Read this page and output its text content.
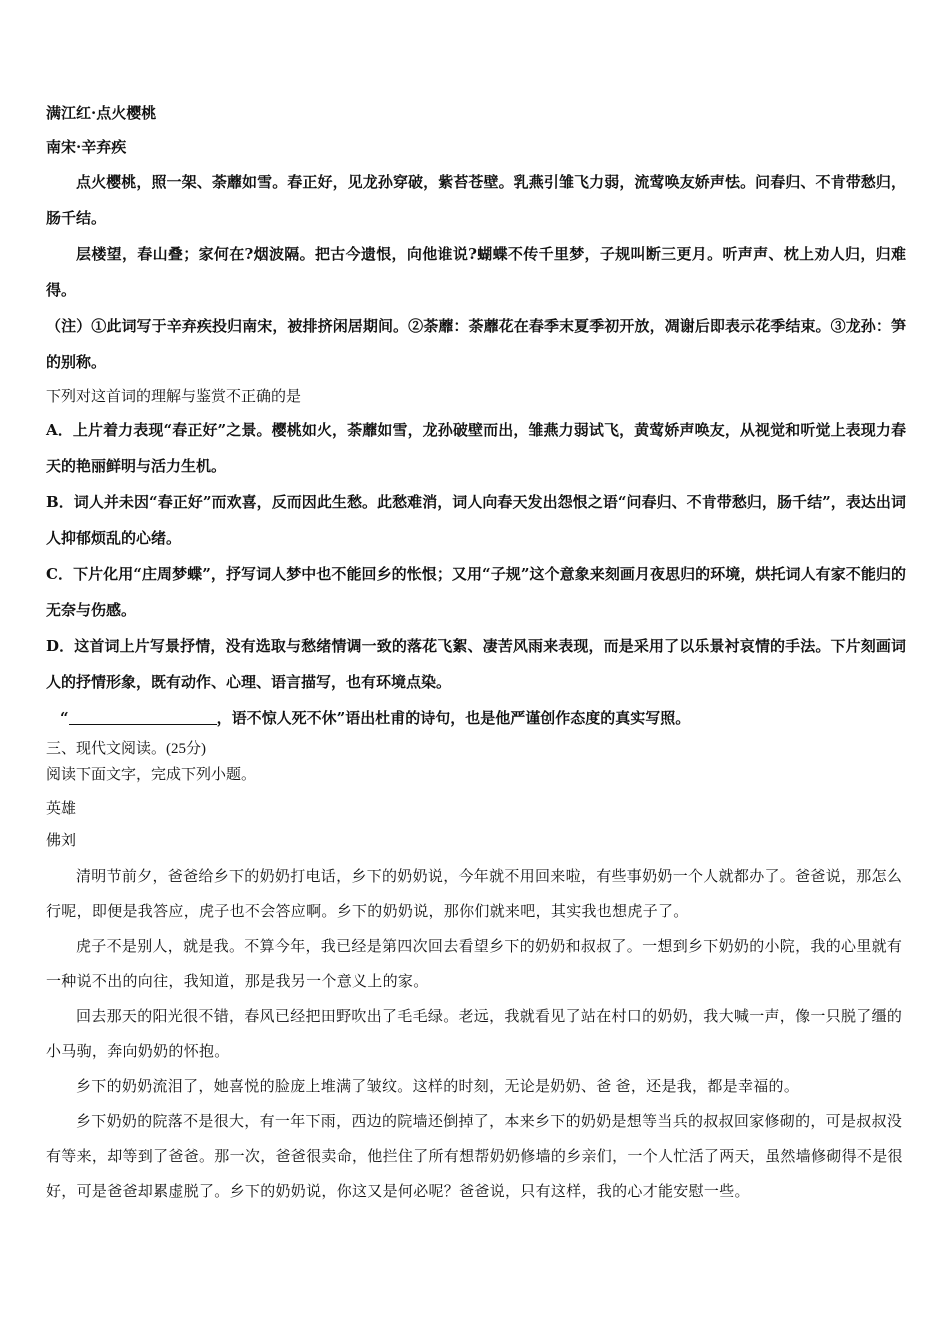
满江红·点火樱桃

南宋·辛弃疾

点火樱桃，照一架、荼蘼如雪。春正好，见龙孙穿破，紫苔苍壁。乳燕引雏飞力弱，流莺唤友娇声怯。问春归、不肯带愁归，肠千结。

层楼望，春山叠；家何在?烟波隔。把古今遗恨，向他谁说?蝴蝶不传千里梦，子规叫断三更月。听声声、枕上劝人归，归难得。

（注）①此词写于辛弃疾投归南宋，被排挤闲居期间。②荼蘼：荼蘼花在春季末夏季初开放，凋谢后即表示花季结束。③龙孙：笋的别称。

下列对这首词的理解与鉴赏不正确的是

A．上片着力表现“春正好”之景。樱桃如火，荼蘼如雪，龙孙破壁而出，雏燕力弱试飞，黄莺娇声唤友，从视觉和听觉上表现力春天的艳丽鲜明与活力生机。

B．词人并未因“春正好”而欢喜，反而因此生愁。此愁难消，词人向春天发出怨恨之语“问春归、不肯带愁归，肠千结”，表达出词人抑郁烦乱的心绪。

C．下片化用“庄周梦蝶”，抒写词人梦中也不能回乡的怅恨；又用“子规”这个意象来刻画月夜思归的环境，烘托词人有家不能归的无奈与伤感。

D．这首词上片写景抒情，没有选取与愁绪情调一致的落花飞絮、凄苦风雨来表现，而是采用了以乐景衬哀情的手法。下片刻画词人的抒情形象，既有动作、心理、语言描写，也有环境点染。

“	，语不惊人死不休”语出杜甫的诗句，也是他严谨创作态度的真实写照。

三、现代文阅读。(25分)

阅读下面文字，完成下列小题。

英雄

佛刘

清明节前夕，爸爸给乡下的奶奶打电话，乡下的奶奶说，今年就不用回来啦，有些事奶奶一个人就都办了。爸爸说，那怎么行呢，即便是我答应，虎子也不会答应啊。乡下的奶奶说，那你们就来吧，其实我也想虎子了。

虎子不是别人，就是我。不算今年，我已经是第四次回去看望乡下的奶奶和叔叔了。一想到乡下奶奶的小院，我的心里就有一种说不出的向往，我知道，那是我另一个意义上的家。

回去那天的阳光很不错，春风已经把田野吹出了毛毛绿。老远，我就看见了站在村口的奶奶，我大喊一声，像一只脱了缰的小马驹，奔向奶奶的怀抱。

乡下的奶奶流泪了，她喜悦的脸庞上堆满了皱纹。这样的时刻，无论是奶奶、爸 爸，还是我，都是幸福的。

乡下奶奶的院落不是很大，有一年下雨，西边的院墙还倒掉了，本来乡下的奶奶是想等当兵的叔叔回家修砌的，可是叔叔没有等来，却等到了爸爸。那一次，爸爸很卖命，他拦住了所有想帮奶奶修墙的乡亲们，一个人忙活了两天，虽然墙修砌得不是很好，可是爸爸却累虚脱了。乡下的奶奶说，你这又是何必呢？爸爸说，只有这样，我的心才能安慰一些。
